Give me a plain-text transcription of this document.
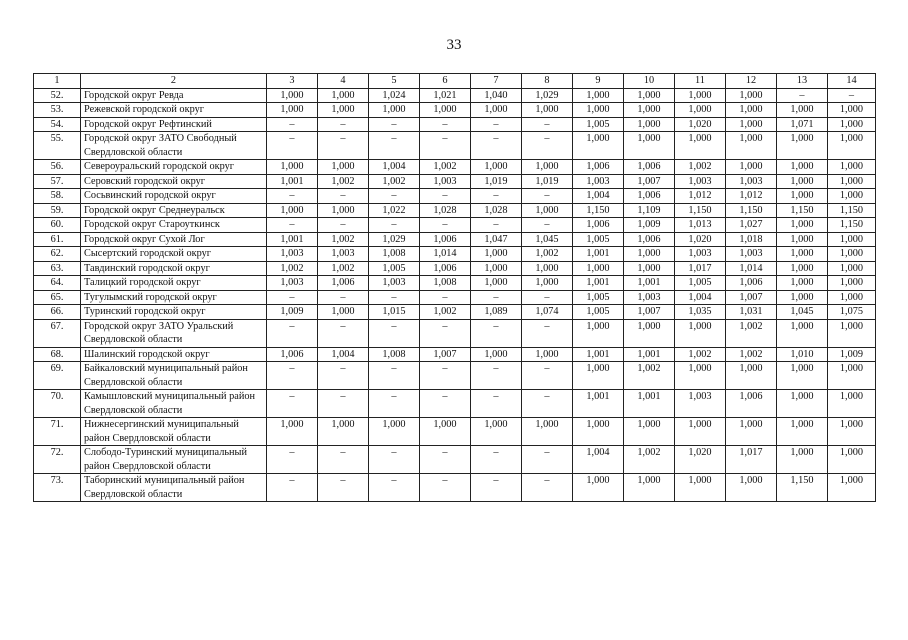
33
1	2	3	4	5	6	7	8	9	10	11	12	13	14
52.	Городской округ Ревда	1,000	1,000	1,024	1,021	1,040	1,029	1,000	1,000	1,000	1,000	–	–
53.	Режевской городской округ	1,000	1,000	1,000	1,000	1,000	1,000	1,000	1,000	1,000	1,000	1,000	1,000
54.	Городской округ Рефтинский	–	–	–	–	–	–	1,005	1,000	1,020	1,000	1,071	1,000
55.	Городской округ ЗАТО Свободный Свердловской области	–	–	–	–	–	–	1,000	1,000	1,000	1,000	1,000	1,000
56.	Североуральский городской округ	1,000	1,000	1,004	1,002	1,000	1,000	1,006	1,006	1,002	1,000	1,000	1,000
57.	Серовский городской округ	1,001	1,002	1,002	1,003	1,019	1,019	1,003	1,007	1,003	1,003	1,000	1,000
58.	Сосьвинский городской округ	–	–	–	–	–	–	1,004	1,006	1,012	1,012	1,000	1,000
59.	Городской округ Среднеуральск	1,000	1,000	1,022	1,028	1,028	1,000	1,150	1,109	1,150	1,150	1,150	1,150
60.	Городской округ Староуткинск	–	–	–	–	–	–	1,006	1,009	1,013	1,027	1,000	1,150
61.	Городской округ Сухой Лог	1,001	1,002	1,029	1,006	1,047	1,045	1,005	1,006	1,020	1,018	1,000	1,000
62.	Сысертский городской округ	1,003	1,003	1,008	1,014	1,000	1,002	1,001	1,000	1,003	1,003	1,000	1,000
63.	Тавдинский городской округ	1,002	1,002	1,005	1,006	1,000	1,000	1,000	1,000	1,017	1,014	1,000	1,000
64.	Талицкий городской округ	1,003	1,006	1,003	1,008	1,000	1,000	1,001	1,001	1,005	1,006	1,000	1,000
65.	Тугулымский городской округ	–	–	–	–	–	–	1,005	1,003	1,004	1,007	1,000	1,000
66.	Туринский городской округ	1,009	1,000	1,015	1,002	1,089	1,074	1,005	1,007	1,035	1,031	1,045	1,075
67.	Городской округ ЗАТО Уральский Свердловской области	–	–	–	–	–	–	1,000	1,000	1,000	1,002	1,000	1,000
68.	Шалинский городской округ	1,006	1,004	1,008	1,007	1,000	1,000	1,001	1,001	1,002	1,002	1,010	1,009
69.	Байкаловский муниципальный район Свердловской области	–	–	–	–	–	–	1,000	1,002	1,000	1,000	1,000	1,000
70.	Камышловский муниципальный район Свердловской области	–	–	–	–	–	–	1,001	1,001	1,003	1,006	1,000	1,000
71.	Нижнесергинский муниципальный район Свердловской области	1,000	1,000	1,000	1,000	1,000	1,000	1,000	1,000	1,000	1,000	1,000	1,000
72.	Слободо-Туринский муниципальный район Свердловской области	–	–	–	–	–	–	1,004	1,002	1,020	1,017	1,000	1,000
73.	Таборинский муниципальный район Свердловской области	–	–	–	–	–	–	1,000	1,000	1,000	1,000	1,150	1,000
